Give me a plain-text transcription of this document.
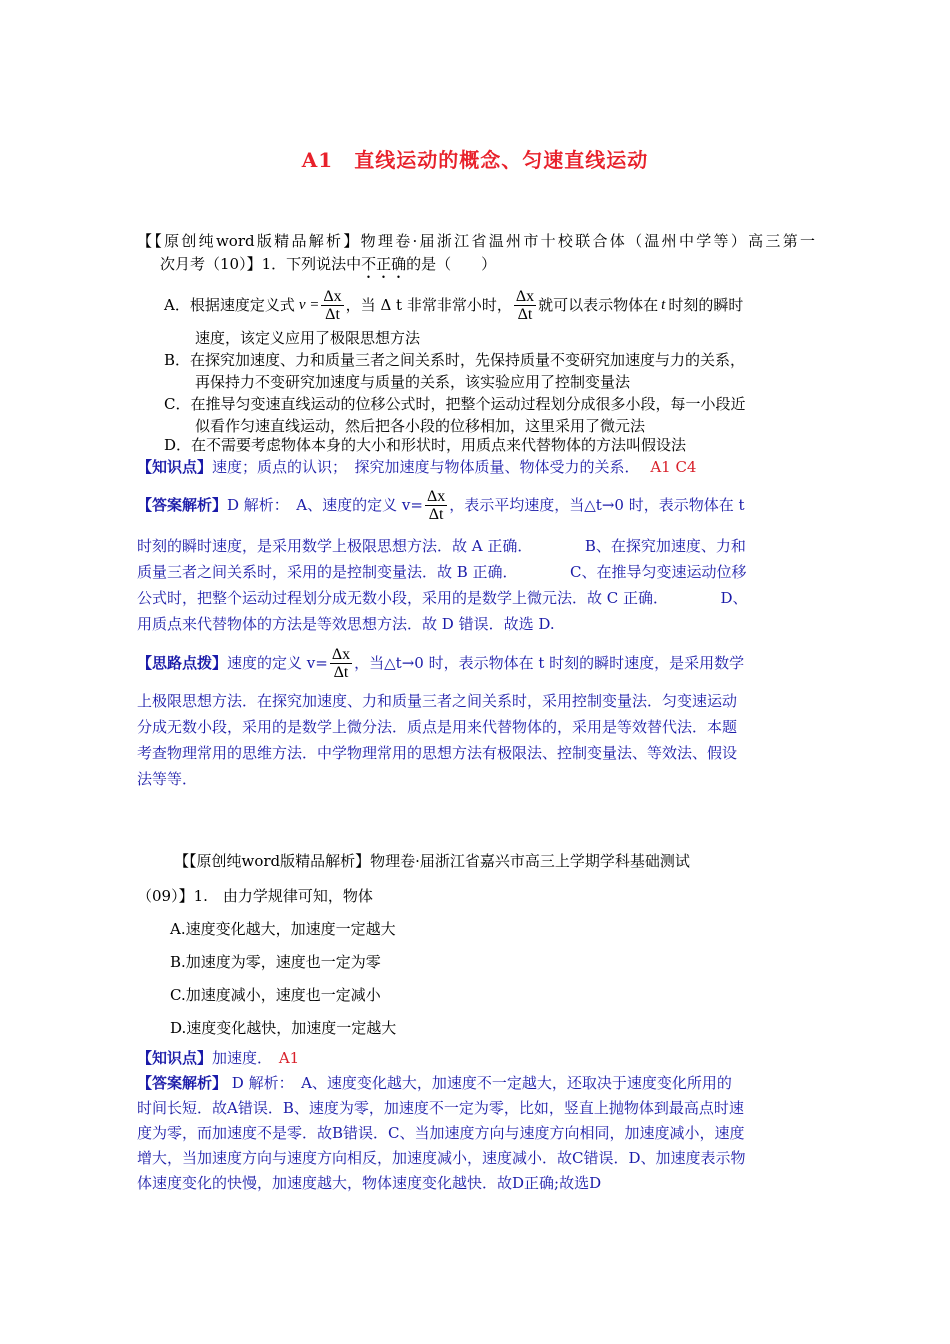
A1　直线运动的概念、匀速直线运动
【【原创纯word版精品解析】物理卷·届浙江省温州市十校联合体（温州中学等）高三第一
次月考（10）】1．下列说法中不正确的是（　　）
A．根据速度定义式 $v = \frac{\Delta x}{\Delta t}$ ，当 Δ t 非常非常小时， $\frac{\Delta x}{\Delta t}$ 就可以表示物体在 t 时刻的瞬时
速度，该定义应用了极限思想方法
B．在探究加速度、力和质量三者之间关系时，先保持质量不变研究加速度与力的关系，
再保持力不变研究加速度与质量的关系，该实验应用了控制变量法
C．在推导匀变速直线运动的位移公式时，把整个运动过程划分成很多小段，每一小段近
似看作匀速直线运动，然后把各小段的位移相加，这里采用了微元法
D．在不需要考虑物体本身的大小和形状时，用质点来代替物体的方法叫假设法
【知识点】速度；质点的认识；　探究加速度与物体质量、物体受力的关系． A1 C4
【答案解析】 D 解析：　A、速度的定义 $v= \frac{\Delta x}{\Delta t}$ ，表示平均速度，当△t→0 时，表示物体在 t
时刻的瞬时速度，是采用数学上极限思想方法．故 A 正确．　　　　B、在探究加速度、力和
质量三者之间关系时，采用的是控制变量法．故 B 正确．　　　　C、在推导匀变速运动位移
公式时，把整个运动过程划分成无数小段，采用的是数学上微元法．故 C 正确．　　　　D、
用质点来代替物体的方法是等效思想方法．故 D 错误．故选 D.
【思路点拨】 速度的定义 $v= \frac{\Delta x}{\Delta t}$ ，当△t→0 时，表示物体在 t 时刻的瞬时速度，是采用数学
上极限思想方法．在探究加速度、力和质量三者之间关系时，采用控制变量法．匀变速运动
分成无数小段，采用的是数学上微分法．质点是用来代替物体的，采用是等效替代法．本题
考查物理常用的思维方法．中学物理常用的思想方法有极限法、控制变量法、等效法、假设
法等等．
【【原创纯word版精品解析】物理卷·届浙江省嘉兴市高三上学期学科基础测试
（09）】1.　由力学规律可知，物体
A.速度变化越大，加速度一定越大
B.加速度为零，速度也一定为零
C.加速度减小，速度也一定减小
D.速度变化越快，加速度一定越大
【知识点】加速度． A1
【答案解析】 D 解析：　A、速度变化越大，加速度不一定越大，还取决于速度变化所用的
时间长短．故A错误．B、速度为零，加速度不一定为零，比如，竖直上抛物体到最高点时速
度为零，而加速度不是零．故B错误．C、当加速度方向与速度方向相同，加速度减小，速度
增大，当加速度方向与速度方向相反，加速度减小，速度减小．故C错误．D、加速度表示物
体速度变化的快慢，加速度越大，物体速度变化越快．故D正确;故选D
